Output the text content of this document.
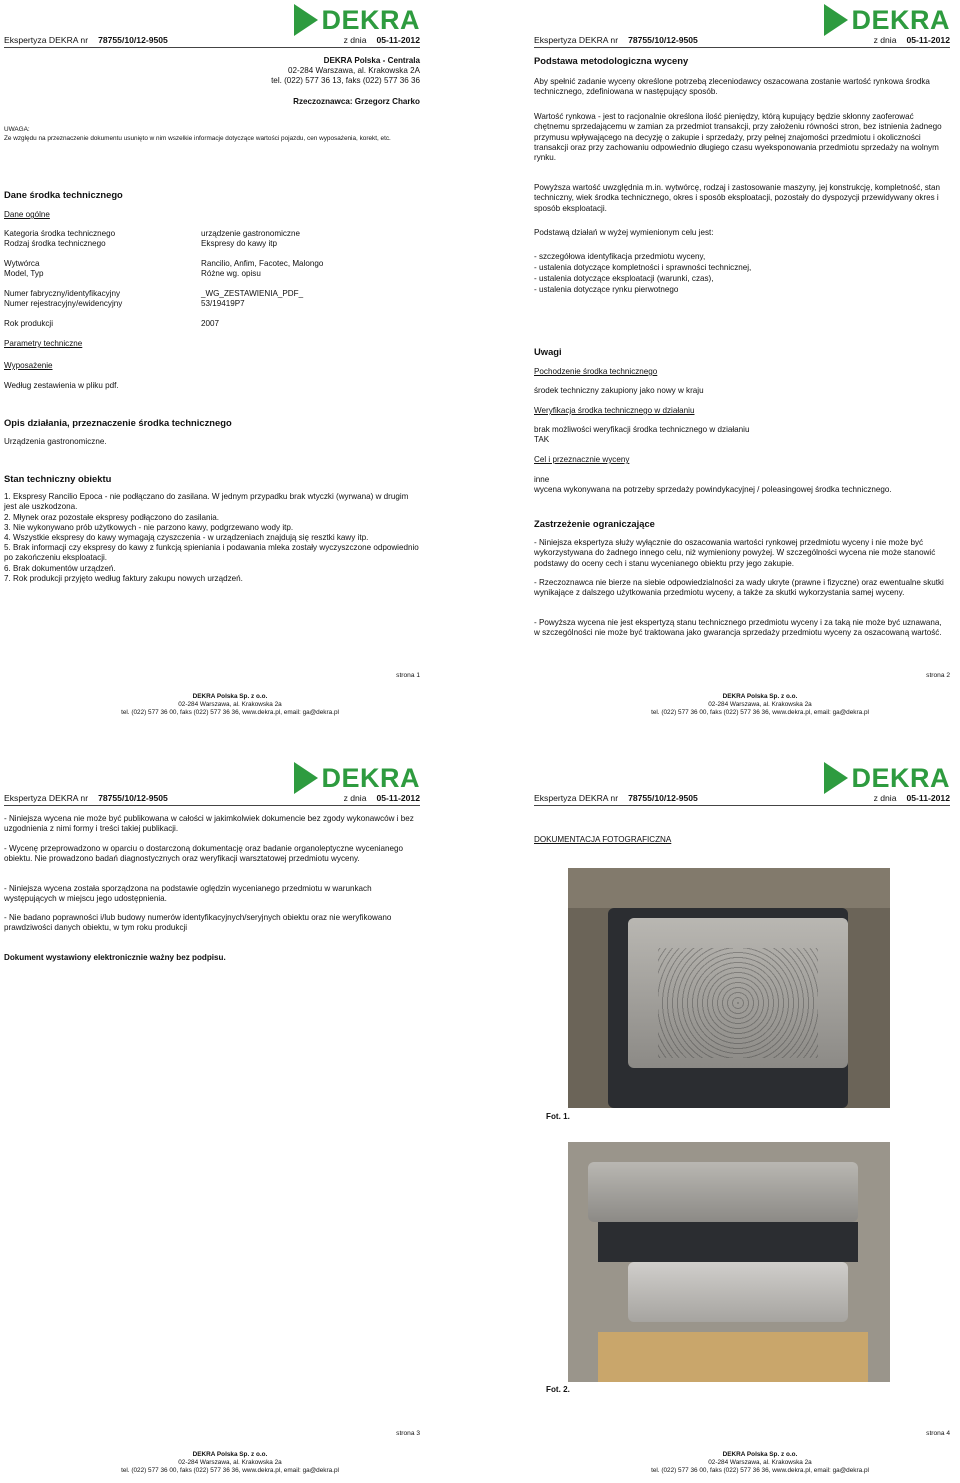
DEKRA
Ekspertyza DEKRA nr 78755/10/12-9505	z dnia 05-11-2012
DEKRA Polska - Centrala
02-284 Warszawa, al. Krakowska 2A
tel. (022) 577 36 13, faks (022) 577 36 36
Rzeczoznawca: Grzegorz Charko
UWAGA:
Ze względu na przeznaczenie dokumentu usunięto w nim wszelkie informacje dotyczące wartości pojazdu, cen wyposażenia, korekt, etc.
Dane środka technicznego
Dane ogólne
Kategoria środka technicznego	urządzenie gastronomiczne
Rodzaj środka technicznego	Ekspresy do kawy itp
Wytwórca	Rancilio, Anfim, Facotec, Malongo
Model, Typ	Różne wg. opisu
Numer fabryczny/identyfikacyjny	_WG_ZESTAWIENIA_PDF_
Numer rejestracyjny/ewidencyjny	53/19419P7
Rok produkcji	2007
Parametry techniczne
Wyposażenie
Według zestawienia w pliku pdf.
Opis działania, przeznaczenie środka technicznego
Urządzenia gastronomiczne.
Stan techniczny obiektu
1. Ekspresy Rancilio Epoca - nie podłączano do zasilana. W jednym przypadku brak wtyczki (wyrwana) w drugim jest ale uszkodzona.
2. Młynek oraz pozostałe ekspresy podłączono do zasilania.
3. Nie wykonywano prób użytkowych - nie parzono kawy, podgrzewano wody itp.
4. Wszystkie ekspresy do kawy wymagają czyszczenia - w urządzeniach znajdują się resztki kawy itp.
5. Brak informacji czy ekspresy do kawy z funkcją spieniania i podawania mleka zostały wyczyszczone odpowiednio po zakończeniu eksploatacji.
6. Brak dokumentów urządzeń.
7. Rok produkcji przyjęto według faktury zakupu nowych urządzeń.
strona 1
DEKRA Polska Sp. z o.o.
02-284 Warszawa, al. Krakowska 2a
tel. (022) 577 36 00, faks (022) 577 36 36, www.dekra.pl, email: ga@dekra.pl
DEKRA
Ekspertyza DEKRA nr 78755/10/12-9505	z dnia 05-11-2012
Podstawa metodologiczna wyceny
Aby spełnić zadanie wyceny określone potrzebą zleceniodawcy oszacowana zostanie wartość rynkowa środka technicznego, zdefiniowana w następujący sposób.
Wartość rynkowa - jest to racjonalnie określona ilość pieniędzy, którą kupujący będzie skłonny zaoferować chętnemu sprzedającemu w zamian za przedmiot transakcji, przy założeniu równości stron, bez istnienia żadnego przymusu wpływającego na decyzję o zakupie i sprzedaży, przy pełnej znajomości przedmiotu i okoliczności transakcji oraz przy zachowaniu odpowiednio długiego czasu wyeksponowania przedmiotu sprzedaży na wolnym rynku.
Powyższa wartość uwzględnia m.in. wytwórcę, rodzaj i zastosowanie maszyny, jej konstrukcję, kompletność, stan techniczny, wiek środka technicznego, okres i sposób eksploatacji, pozostały do dyspozycji przewidywany okres i sposób eksploatacji.
Podstawą działań w wyżej wymienionym celu jest:
- szczegółowa identyfikacja przedmiotu wyceny,
- ustalenia dotyczące kompletności i sprawności technicznej,
- ustalenia dotyczące eksploatacji (warunki, czas),
- ustalenia dotyczące rynku pierwotnego
Uwagi
Pochodzenie środka technicznego
środek techniczny zakupiony jako nowy w kraju
Weryfikacja środka technicznego w działaniu
brak możliwości weryfikacji środka technicznego w działaniu
TAK
Cel i przeznacznie wyceny
inne
wycena wykonywana na potrzeby sprzedaży powindykacyjnej / poleasingowej środka technicznego.
Zastrzeżenie ograniczające
- Niniejsza ekspertyza służy wyłącznie do oszacowania wartości rynkowej przedmiotu wyceny i nie może być wykorzystywana do żadnego innego celu, niż wymieniony powyżej. W szczególności wycena nie może stanowić podstawy do oceny cech i stanu wycenianego obiektu przy jego zakupie.
- Rzeczoznawca nie bierze na siebie odpowiedzialności za wady ukryte (prawne i fizyczne) oraz ewentualne skutki wynikające z dalszego użytkowania przedmiotu wyceny, a także za skutki wykorzystania samej wyceny.
- Powyższa wycena nie jest ekspertyzą stanu technicznego przedmiotu wyceny i za taką nie może być uznawana, w szczególności nie może być traktowana jako gwarancja sprzedaży przedmiotu wyceny za oszacowaną wartość.
strona 2
DEKRA Polska Sp. z o.o.
02-284 Warszawa, al. Krakowska 2a
tel. (022) 577 36 00, faks (022) 577 36 36, www.dekra.pl, email: ga@dekra.pl
DEKRA
Ekspertyza DEKRA nr 78755/10/12-9505	z dnia 05-11-2012
- Niniejsza wycena nie może być publikowana w całości w jakimkolwiek dokumencie bez zgody wykonawców i bez uzgodnienia z nimi formy i treści takiej publikacji.
- Wycenę przeprowadzono w oparciu o dostarczoną dokumentację oraz badanie organoleptyczne wycenianego obiektu. Nie prowadzono badań diagnostycznych oraz weryfikacji warsztatowej przedmiotu wyceny.
- Niniejsza wycena została sporządzona na podstawie oględzin wycenianego przedmiotu w warunkach występujących w miejscu jego udostępnienia.
- Nie badano poprawności i/lub budowy numerów identyfikacyjnych/seryjnych obiektu oraz nie weryfikowano prawdziwości danych obiektu, w tym roku produkcji
Dokument wystawiony elektronicznie ważny bez podpisu.
strona 3
DEKRA Polska Sp. z o.o.
02-284 Warszawa, al. Krakowska 2a
tel. (022) 577 36 00, faks (022) 577 36 36, www.dekra.pl, email: ga@dekra.pl
DEKRA
Ekspertyza DEKRA nr 78755/10/12-9505	z dnia 05-11-2012
DOKUMENTACJA FOTOGRAFICZNA
Fot. 1.
Fot. 2.
strona 4
DEKRA Polska Sp. z o.o.
02-284 Warszawa, al. Krakowska 2a
tel. (022) 577 36 00, faks (022) 577 36 36, www.dekra.pl, email: ga@dekra.pl
